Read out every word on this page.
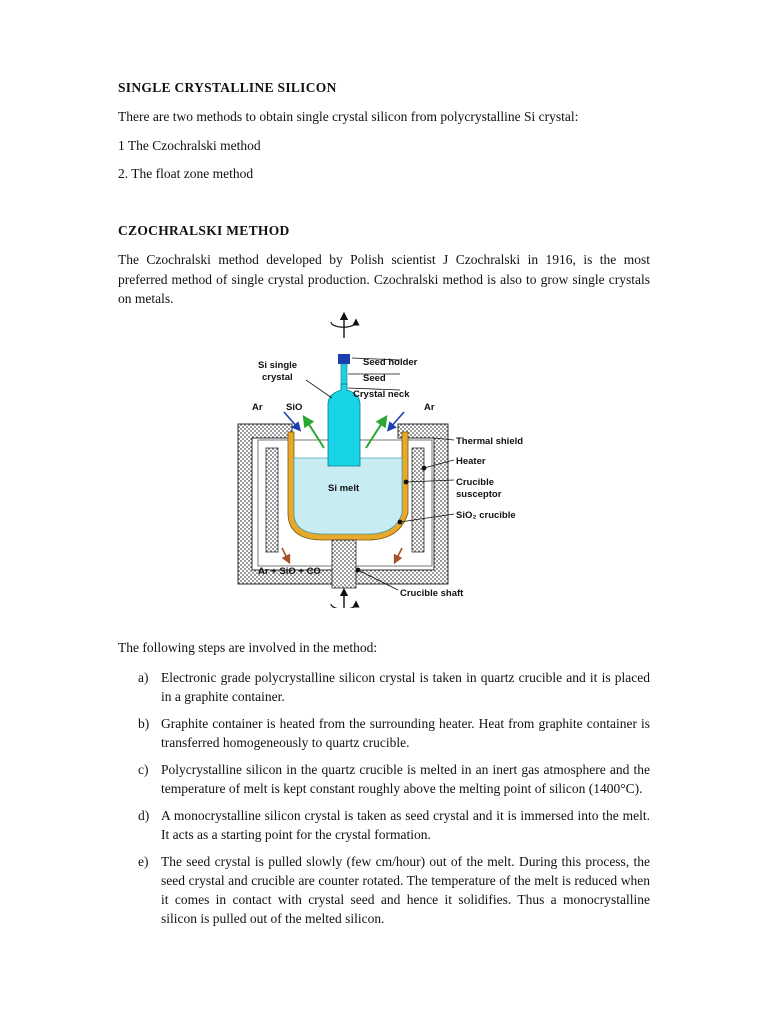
SINGLE CRYSTALLINE SILICON

There are two methods to obtain single crystal silicon from polycrystalline Si crystal:

1 The Czochralski method

2. The float zone method

CZOCHRALSKI METHOD

The Czochralski method developed by Polish scientist J Czochralski in 1916, is the most preferred method of single crystal production. Czochralski method is also to grow single crystals on metals.

Si single
crystal
Seed holder
Seed
Crystal neck
Ar SiO	Ar
Thermal shield
Heater
Crucible
susceptor
Si melt
SiO₂ crucible
Ar + SiO + CO
Crucible shaft

The following steps are involved in the method:

a) Electronic grade polycrystalline silicon crystal is taken in quartz crucible and it is placed in a graphite container.
b) Graphite container is heated from the surrounding heater. Heat from graphite container is transferred homogeneously to quartz crucible.
c) Polycrystalline silicon in the quartz crucible is melted in an inert gas atmosphere and the temperature of melt is kept constant roughly above the melting point of silicon (1400°C).
d) A monocrystalline silicon crystal is taken as seed crystal and it is immersed into the melt. It acts as a starting point for the crystal formation.
e) The seed crystal is pulled slowly (few cm/hour) out of the melt. During this process, the seed crystal and crucible are counter rotated. The temperature of the melt is reduced when it comes in contact with crystal seed and hence it solidifies. Thus a monocrystalline silicon is pulled out of the melted silicon.
